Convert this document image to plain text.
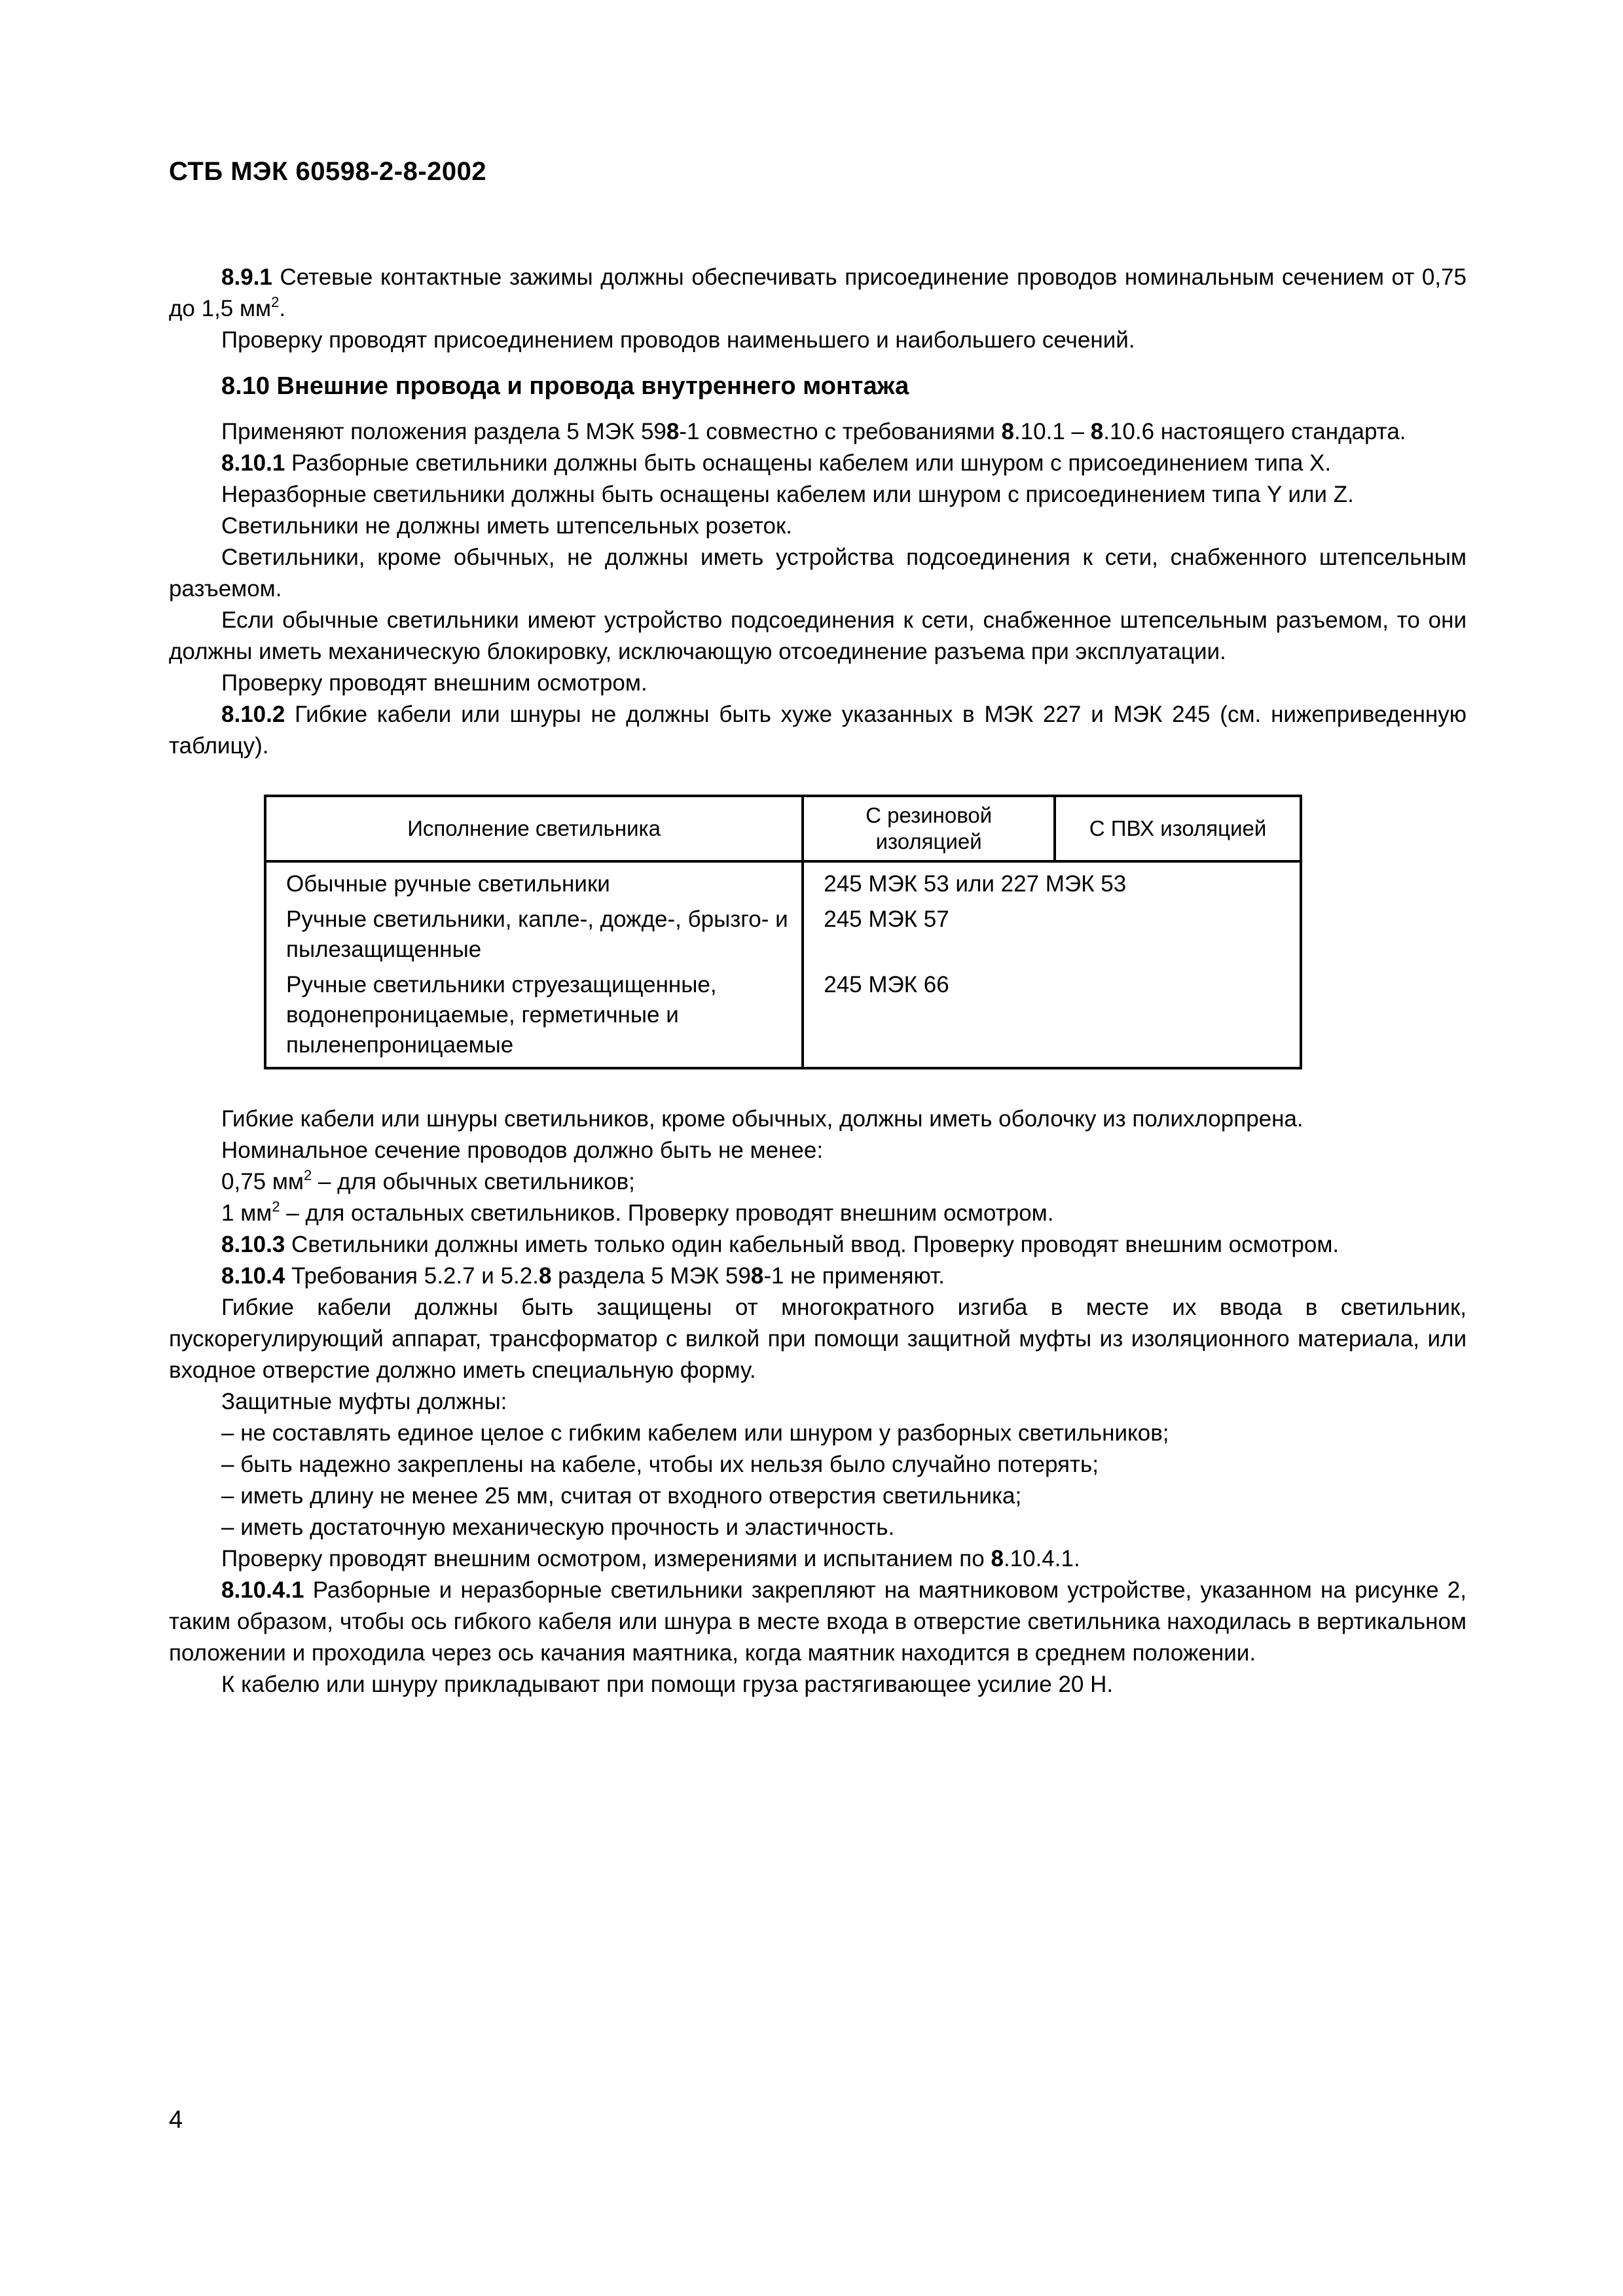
СТБ МЭК 60598-2-8-2002

8.9.1 Сетевые контактные зажимы должны обеспечивать присоединение проводов номинальным сечением от 0,75 до 1,5 $мм^2$.

Проверку проводят присоединением проводов наименьшего и наибольшего сечений.

8.10 Внешние провода и провода внутреннего монтажа

Применяют положения раздела 5 МЭК 598-1 совместно с требованиями 8.10.1 – 8.10.6 настоящего стандарта.

8.10.1 Разборные светильники должны быть оснащены кабелем или шнуром с присоединением типа X.

Неразборные светильники должны быть оснащены кабелем или шнуром с присоединением типа Y или Z.

Светильники не должны иметь штепсельных розеток.

Светильники, кроме обычных, не должны иметь устройства подсоединения к сети, снабженного штепсельным разъемом.

Если обычные светильники имеют устройство подсоединения к сети, снабженное штепсельным разъемом, то они должны иметь механическую блокировку, исключающую отсоединение разъема при эксплуатации.

Проверку проводят внешним осмотром.

8.10.2 Гибкие кабели или шнуры не должны быть хуже указанных в МЭК 227 и МЭК 245 (см. нижеприведенную таблицу).

Исполнение светильника	С резиновой изоляцией	С ПВХ изоляцией
Обычные ручные светильники	245 МЭК 53 или 227 МЭК 53	
Ручные светильники, капле-, дожде-, брызго- и пылезащищенные	245 МЭК 57	
Ручные светильники струезащищенные, водонепроницаемые, герметичные и пыленепроницаемые	245 МЭК 66	

Гибкие кабели или шнуры светильников, кроме обычных, должны иметь оболочку из полихлорпрена.

Номинальное сечение проводов должно быть не менее:

0,75 $мм^2$ – для обычных светильников;

1 $мм^2$ – для остальных светильников. Проверку проводят внешним осмотром.

8.10.3 Светильники должны иметь только один кабельный ввод. Проверку проводят внешним осмотром.

8.10.4 Требования 5.2.7 и 5.2.8 раздела 5 МЭК 598-1 не применяют.

Гибкие кабели должны быть защищены от многократного изгиба в месте их ввода в светильник, пускорегулирующий аппарат, трансформатор с вилкой при помощи защитной муфты из изоляционного материала, или входное отверстие должно иметь специальную форму.

Защитные муфты должны:

– не составлять единое целое с гибким кабелем или шнуром у разборных светильников;

– быть надежно закреплены на кабеле, чтобы их нельзя было случайно потерять;

– иметь длину не менее 25 мм, считая от входного отверстия светильника;

– иметь достаточную механическую прочность и эластичность.

Проверку проводят внешним осмотром, измерениями и испытанием по 8.10.4.1.

8.10.4.1 Разборные и неразборные светильники закрепляют на маятниковом устройстве, указанном на рисунке 2, таким образом, чтобы ось гибкого кабеля или шнура в месте входа в отверстие светильника находилась в вертикальном положении и проходила через ось качания маятника, когда маятник находится в среднем положении.

К кабелю или шнуру прикладывают при помощи груза растягивающее усилие 20 Н.

4
